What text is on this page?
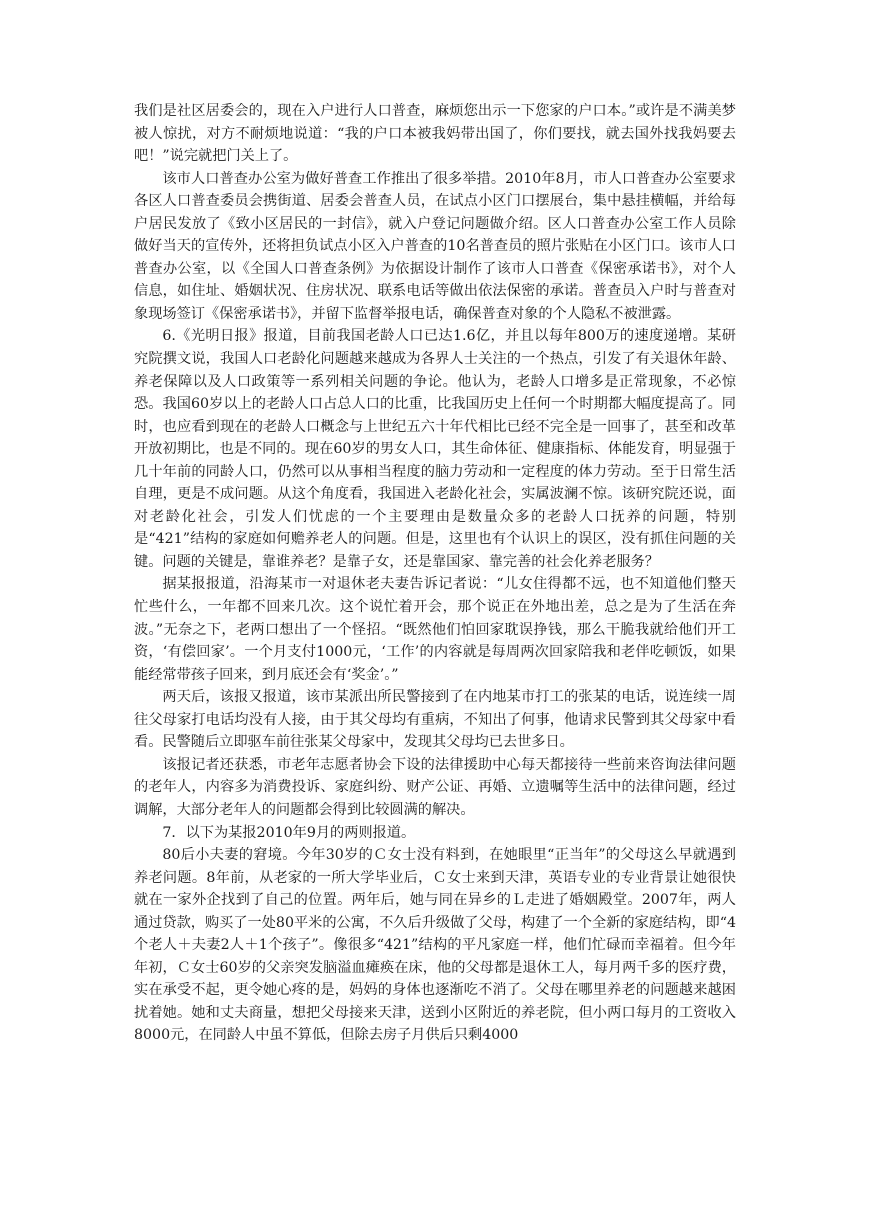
我们是社区居委会的，现在入户进行人口普查，麻烦您出示一下您家的户口本。”或许是不满美梦被人惊扰，对方不耐烦地说道：“我的户口本被我妈带出国了，你们要找，就去国外找我妈要去吧！”说完就把门关上了。

该市人口普查办公室为做好普查工作推出了很多举措。2010年8月，市人口普查办公室要求各区人口普查委员会携街道、居委会普查人员，在试点小区门口摆展台，集中悬挂横幅，并给每户居民发放了《致小区居民的一封信》，就入户登记问题做介绍。区人口普查办公室工作人员除做好当天的宣传外，还将担负试点小区入户普查的10名普查员的照片张贴在小区门口。该市人口普查办公室，以《全国人口普查条例》为依据设计制作了该市人口普查《保密承诺书》，对个人信息，如住址、婚姻状况、住房状况、联系电话等做出依法保密的承诺。普查员入户时与普查对象现场签订《保密承诺书》，并留下监督举报电话，确保普查对象的个人隐私不被泄露。

6.《光明日报》报道，目前我国老龄人口已达1.6亿，并且以每年800万的速度递增。某研究院撰文说，我国人口老龄化问题越来越成为各界人士关注的一个热点，引发了有关退休年龄、养老保障以及人口政策等一系列相关问题的争论。他认为，老龄人口增多是正常现象，不必惊恐。我国60岁以上的老龄人口占总人口的比重，比我国历史上任何一个时期都大幅度提高了。同时，也应看到现在的老龄人口概念与上世纪五六十年代相比已经不完全是一回事了，甚至和改革开放初期比，也是不同的。现在60岁的男女人口，其生命体征、健康指标、体能发育，明显强于几十年前的同龄人口，仍然可以从事相当程度的脑力劳动和一定程度的体力劳动。至于日常生活自理，更是不成问题。从这个角度看，我国进入老龄化社会，实属波澜不惊。该研究院还说，面对老龄化社会，引发人们忧虑的一个主要理由是数量众多的老龄人口抚养的问题，特别是“421”结构的家庭如何赡养老人的问题。但是，这里也有个认识上的误区，没有抓住问题的关键。问题的关键是，靠谁养老？是靠子女，还是靠国家、靠完善的社会化养老服务？

据某报报道，沿海某市一对退休老夫妻告诉记者说：“儿女住得都不远，也不知道他们整天忙些什么，一年都不回来几次。这个说忙着开会，那个说正在外地出差，总之是为了生活在奔波。”无奈之下，老两口想出了一个怪招。“既然他们怕回家耽误挣钱，那么干脆我就给他们开工资，‘有偿回家’。一个月支付1000元，‘工作’的内容就是每周两次回家陪我和老伴吃顿饭，如果能经常带孩子回来，到月底还会有‘奖金’。”

两天后，该报又报道，该市某派出所民警接到了在内地某市打工的张某的电话，说连续一周往父母家打电话均没有人接，由于其父母均有重病，不知出了何事，他请求民警到其父母家中看看。民警随后立即驱车前往张某父母家中，发现其父母均已去世多日。

该报记者还获悉，市老年志愿者协会下设的法律援助中心每天都接待一些前来咨询法律问题的老年人，内容多为消费投诉、家庭纠纷、财产公证、再婚、立遗嘱等生活中的法律问题，经过调解，大部分老年人的问题都会得到比较圆满的解决。

7．以下为某报2010年9月的两则报道。

80后小夫妻的窘境。今年30岁的Ｃ女士没有料到，在她眼里“正当年”的父母这么早就遇到养老问题。8年前，从老家的一所大学毕业后，Ｃ女士来到天津，英语专业的专业背景让她很快就在一家外企找到了自己的位置。两年后，她与同在异乡的Ｌ走进了婚姻殿堂。2007年，两人通过贷款，购买了一处80平米的公寓，不久后升级做了父母，构建了一个全新的家庭结构，即“4个老人＋夫妻2人＋1个孩子”。像很多“421”结构的平凡家庭一样，他们忙碌而幸福着。但今年年初，Ｃ女士60岁的父亲突发脑溢血瘫痪在床，他的父母都是退休工人，每月两千多的医疗费，实在承受不起，更令她心疼的是，妈妈的身体也逐渐吃不消了。父母在哪里养老的问题越来越困扰着她。她和丈夫商量，想把父母接来天津，送到小区附近的养老院，但小两口每月的工资收入8000元，在同龄人中虽不算低，但除去房子月供后只剩4000
